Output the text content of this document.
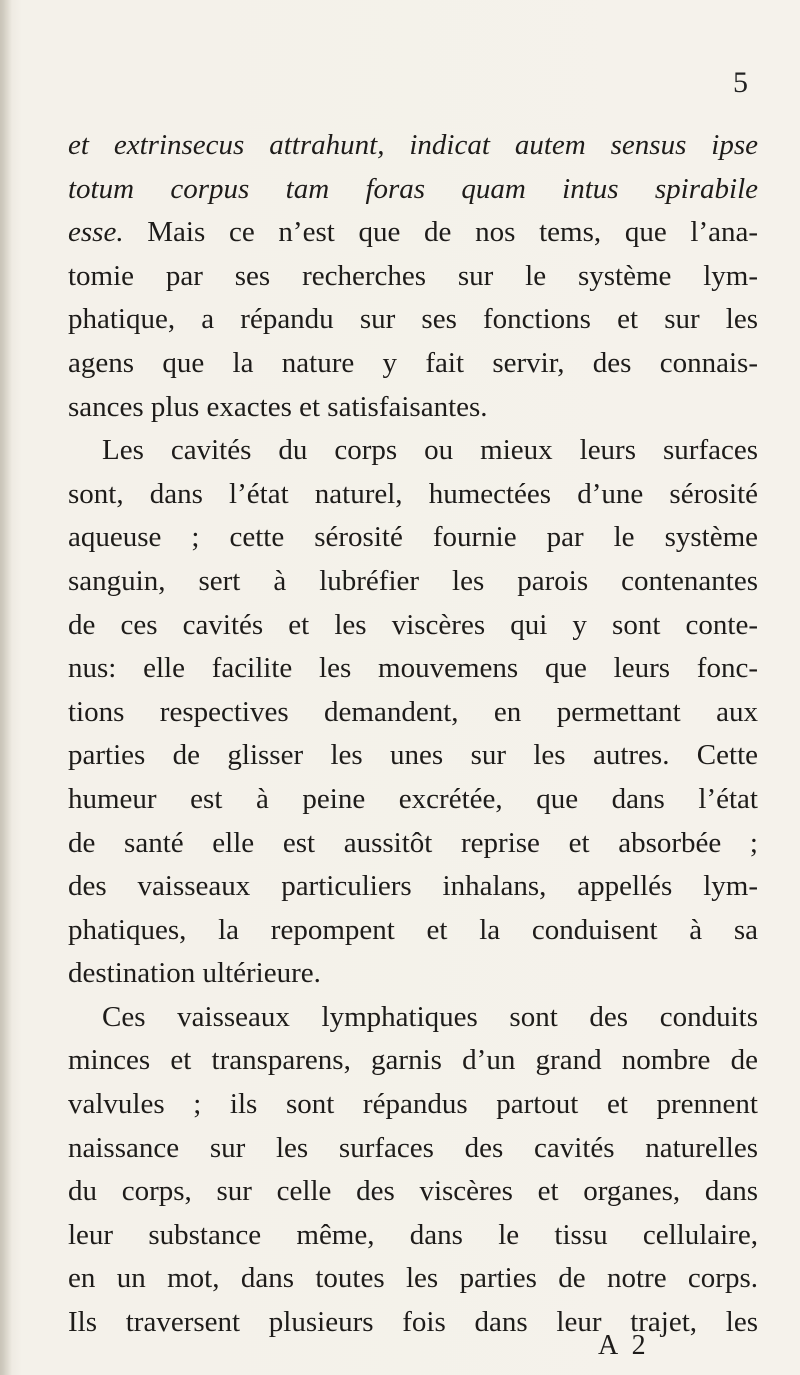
5
et extrinsecus attrahunt, indicat autem sensus ipse
totum corpus tam foras quam intus spirabile
esse. Mais ce n’est que de nos tems, que l’ana-
tomie par ses recherches sur le système lym-
phatique, a répandu sur ses fonctions et sur les
agens que la nature y fait servir, des connais-
sances plus exactes et satisfaisantes.
Les cavités du corps ou mieux leurs surfaces
sont, dans l’état naturel, humectées d’une sérosité
aqueuse ; cette sérosité fournie par le système
sanguin, sert à lubréfier les parois contenantes
de ces cavités et les viscères qui y sont conte-
nus: elle facilite les mouvemens que leurs fonc-
tions respectives demandent, en permettant aux
parties de glisser les unes sur les autres. Cette
humeur est à peine excrétée, que dans l’état
de santé elle est aussitôt reprise et absorbée ;
des vaisseaux particuliers inhalans, appellés lym-
phatiques, la repompent et la conduisent à sa
destination ultérieure.
Ces vaisseaux lymphatiques sont des conduits
minces et transparens, garnis d’un grand nombre de
valvules ; ils sont répandus partout et prennent
naissance sur les surfaces des cavités naturelles
du corps, sur celle des viscères et organes, dans
leur substance même, dans le tissu cellulaire,
en un mot, dans toutes les parties de notre corps.
Ils traversent plusieurs fois dans leur trajet, les
A 2
